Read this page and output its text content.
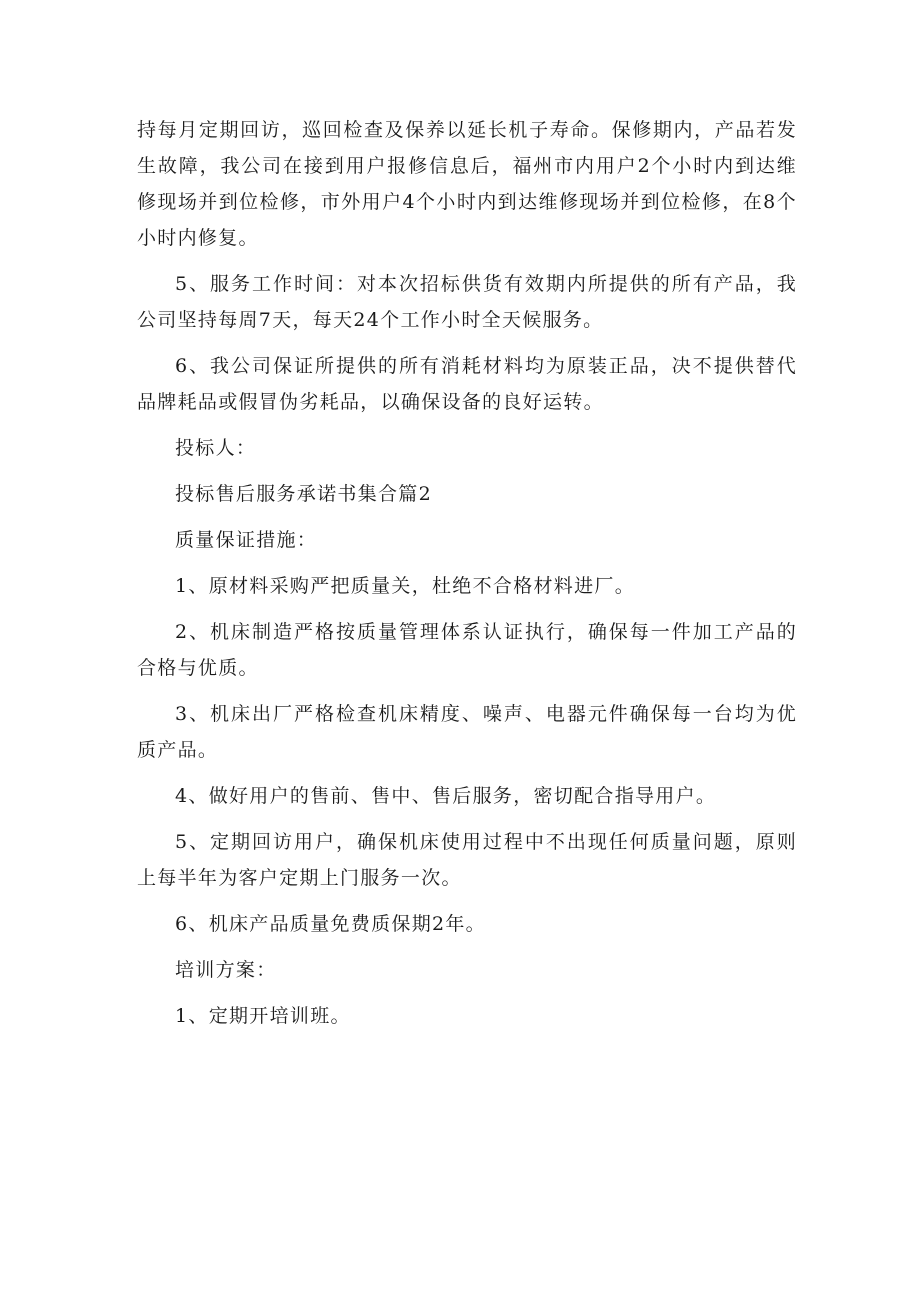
持每月定期回访，巡回检查及保养以延长机子寿命。保修期内，产品若发生故障，我公司在接到用户报修信息后，福州市内用户2个小时内到达维修现场并到位检修，市外用户4个小时内到达维修现场并到位检修，在8个小时内修复。

5、服务工作时间：对本次招标供货有效期内所提供的所有产品，我公司坚持每周7天，每天24个工作小时全天候服务。

6、我公司保证所提供的所有消耗材料均为原装正品，决不提供替代品牌耗品或假冒伪劣耗品，以确保设备的良好运转。

投标人：

投标售后服务承诺书集合篇2

质量保证措施：

1、原材料采购严把质量关，杜绝不合格材料进厂。

2、机床制造严格按质量管理体系认证执行，确保每一件加工产品的合格与优质。

3、机床出厂严格检查机床精度、噪声、电器元件确保每一台均为优质产品。

4、做好用户的售前、售中、售后服务，密切配合指导用户。

5、定期回访用户，确保机床使用过程中不出现任何质量问题，原则上每半年为客户定期上门服务一次。

6、机床产品质量免费质保期2年。

培训方案：

1、定期开培训班。
